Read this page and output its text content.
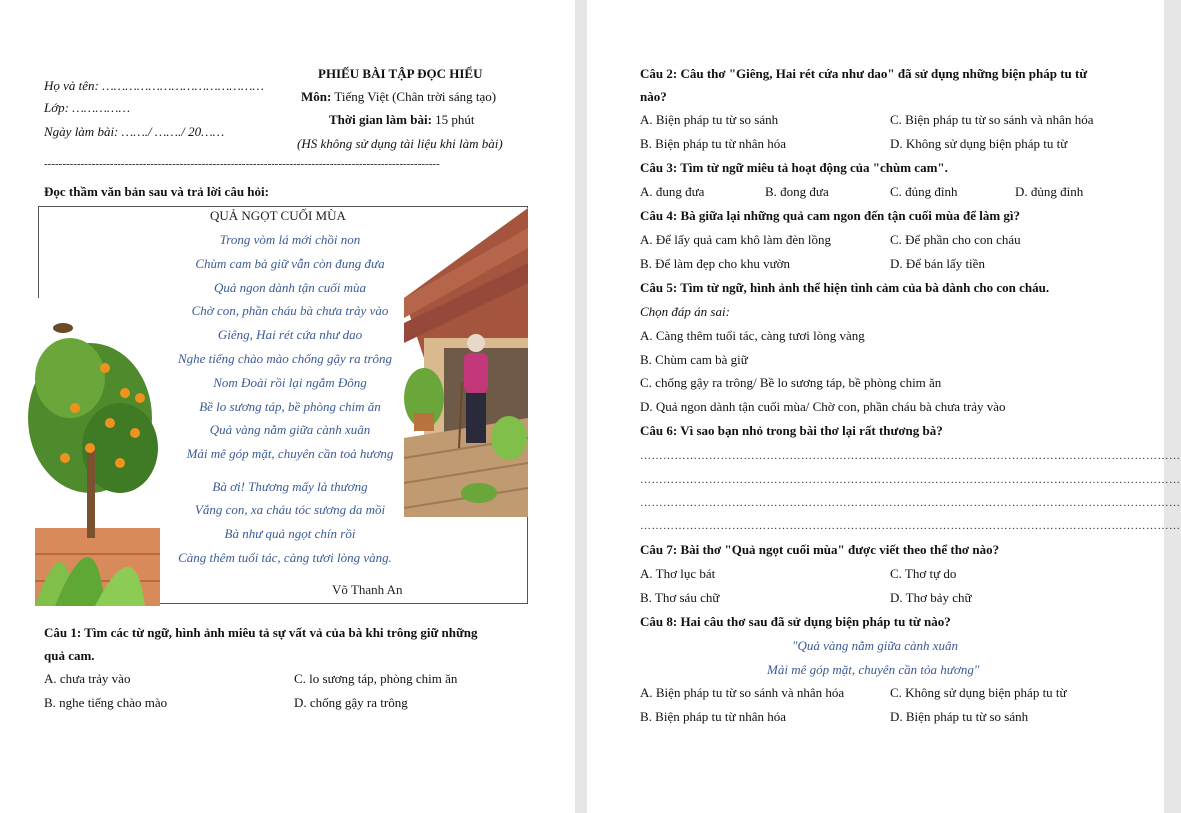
Họ và tên: ……………………………………
Lớp: ……………
Ngày làm bài: ……./ ……./ 20……
PHIẾU BÀI TẬP ĐỌC HIỂU
Môn: Tiếng Việt (Chân trời sáng tạo)
Thời gian làm bài: 15 phút
(HS không sử dụng tài liệu khi làm bài)
------------------------------------------------------------------------------------------------------------
Đọc thầm văn bản sau và trả lời câu hỏi:
QUẢ NGỌT CUỐI MÙA
Trong vòm lá mới chồi non
Chùm cam bà giữ vẫn còn đung đưa
Quả ngon dành tận cuối mùa
Chờ con, phần cháu bà chưa trảy vào
Giêng, Hai rét cứa như dao
Nghe tiếng chào mào chống gậy ra trông
Nom Đoài rồi lại ngắm Đông
Bề lo sương táp, bề phòng chim ăn
Quả vàng nằm giữa cành xuân
Mải mê góp mặt, chuyên cần toả hương
Bà ơi! Thương mấy là thương
Vắng con, xa cháu tóc sương da mồi
Bà như quả ngọt chín rồi
Càng thêm tuổi tác, càng tươi lòng vàng.
Võ Thanh An
Câu 1: Tìm các từ ngữ, hình ảnh miêu tả sự vất vả của bà khi trông giữ những
quả cam.
A. chưa trảy vào
B. nghe tiếng chào mào
C. lo sương táp, phòng chim ăn
D. chống gậy ra trông
Câu 2: Câu thơ "Giêng, Hai rét cứa như dao" đã sử dụng những biện pháp tu từ
nào?
A. Biện pháp tu từ so sánh
B. Biện pháp tu từ nhân hóa
C. Biện pháp tu từ so sánh và nhân hóa
D. Không sử dụng biện pháp tu từ
Câu 3: Tìm từ ngữ miêu tả hoạt động của "chùm cam".
A. đung đưa	B. đong đưa	C. đủng đỉnh	D. đủng đỉnh
Câu 4: Bà giữa lại những quả cam ngon đến tận cuối mùa để làm gì?
A. Để lấy quả cam khô làm đèn lồng
B. Để làm đẹp cho khu vườn
C. Để phần cho con cháu
D. Để bán lấy tiền
Câu 5: Tìm từ ngữ, hình ảnh thể hiện tình cảm của bà dành cho con cháu.
Chọn đáp án sai:
A. Càng thêm tuổi tác, càng tươi lòng vàng
B. Chùm cam bà giữ
C. chống gậy ra trông/ Bề lo sương táp, bề phòng chim ăn
D. Quả ngon dành tận cuối mùa/ Chờ con, phần cháu bà chưa trảy vào
Câu 6: Vì sao bạn nhỏ trong bài thơ lại rất thương bà?
……………………………………………………………………………………………………………………………
……………………………………………………………………………………………………………………………
……………………………………………………………………………………………………………………………
……………………………………………………………………………………………………………………………
Câu 7: Bài thơ "Quả ngọt cuối mùa" được viết theo thể thơ nào?
A. Thơ lục bát
B. Thơ sáu chữ
C. Thơ tự do
D. Thơ bảy chữ
Câu 8: Hai câu thơ sau đã sử dụng biện pháp tu từ nào?
"Quả vàng nằm giữa cành xuân
Mải mê góp mặt, chuyên cần tỏa hương"
A. Biện pháp tu từ so sánh và nhân hóa
B. Biện pháp tu từ nhân hóa
C. Không sử dụng biện pháp tu từ
D. Biện pháp tu từ so sánh
